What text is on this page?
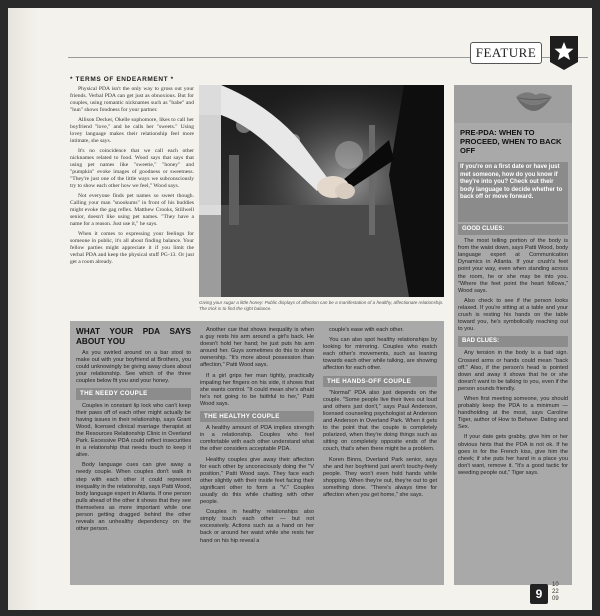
FEATURE

* TERMS OF ENDEARMENT *

Physical PDA isn't the only way to gross out your friends. Verbal PDA can get just as obnoxious. But for couples, using romantic nicknames such as "babe" and "hun" shows fondness for your partner.

Allison Decker, Okelle sophomore, likes to call her boyfriend "love," and he calls her "sweets." Using lovey language makes their relationship feel more intimate, she says.

It's no coincidence that we call each other nicknames related to food. Wood says that says that using pet names like "sweetie," "honey" and "pumpkin" evoke images of goodness or sweetness. "They're just one of the little ways we subconsciously try to show each other how we feel," Wood says.

Not everyone finds pet names so sweet though. Calling your man "snookums" in front of his buddies might evoke the gag reflex. Matthew Crooks, Stillwell senior, doesn't like using pet names. "They have a name for a reason. Just use it," he says.

When it comes to expressing your feelings for someone in public, it's all about finding balance. Your fellow parties might appreciate it if you limit the verbal PDA and keep the physical stuff PG-13. Or just get a room already.

Giving your sugar a little honey: Public displays of affection can be a manifestation of a healthy, affectionate relationship. The trick is to find the right balance.
WHAT YOUR PDA SAYS ABOUT YOU

As you swirled around on a bar stool to make out with your boyfriend at Brothers, you could unknowingly be giving away clues about your relationship. See which of the three couples below fit you and your honey.

THE NEEDY COUPLE

Couples in constant lip lock who can't keep their paws off of each other might actually be having issues in their relationship, says Grant Wood, licensed clinical marriage therapist at the Resources Relationship Clinic in Overland Park. Excessive PDA could reflect insecurities in a relationship that needs touch to keep it alive.

Body language cues can give away a needy couple. When couples don't walk in step with each other it could represent inequality in the relationship, says Patti Wood, body language expert in Atlanta. If one person pulls ahead of the other it shows that they see themselves as more important while one person getting dragged behind the other reveals an unhealthy dependency on the other person.

Another cue that shows inequality is when a guy rests his arm around a girl's back. He doesn't hold her hand; he just puts his arm around her. Guys sometimes do this to show ownership. "It's more about possession than affection," Patti Wood says.

If a girl grips her man tightly, practically impaling her fingers on his side, it shows that she wants control. "It could mean she's afraid he's not going to be faithful to her," Patti Wood says.

THE HEALTHY COUPLE

A healthy amount of PDA implies strength in a relationship. Couples who feel comfortable with each other understand what the other considers acceptable PDA.

Healthy couples give away their affection for each other by unconsciously doing the "V position," Patti Wood says. They face each other slightly with their inside feet facing their significant other to form a "V." Couples usually do this while chatting with other people.

Couples in healthy relationships also simply touch each other — but not excessively. Actions such as a hand on her back or around her waist while she rests her hand on his hip reveal a

couple's ease with each other.

You can also spot healthy relationships by looking for mirroring. Couples who match each other's movements, such as leaning towards each other while talking, are showing affection for each other.

THE HANDS-OFF COUPLE

"Normal" PDA also just depends on the couple. "Some people live their lives out loud and others just don't," says Paul Anderson, licensed counseling psychologist at Anderson and Anderson in Overland Park. When it gets to the point that the couple is completely polarized, when they're doing things such as sitting on completely opposite ends of the couch, that's when there might be a problem.

Koren Binns, Overland Park senior, says she and her boyfriend just aren't touchy-feely people. They won't even hold hands while shopping. When they're out, they're out to get something done. "There's always time for affection when you get home," she says.

PRE-PDA: WHEN TO PROCEED, WHEN TO BACK OFF
If you're on a first date or have just met someone, how do you know if they're into you? Check out their body language to decide whether to back off or move forward.

GOOD CLUES:

The most telling portion of the body is from the waist down, says Patti Wood, body language expert at Communication Dynamics in Atlanta. If your crush's feet point your way, even when standing across the room, he or she may be into you. "Where the feet point the heart follows," Wood says.

Also check to see if the person looks relaxed. If you're sitting at a table and your crush is resting his hands on the table toward you, he's symbolically reaching out to you.

BAD CLUES:

Any tension in the body is a bad sign. Crossed arms or hands could mean "back off." Also, if the person's head is pointed down and away it shows that he or she doesn't want to be talking to you, even if the person sounds friendly.

When first meeting someone, you should probably keep the PDA to a minimum — handholding at the most, says Caroline Tiger, author of How to Behave: Dating and Sex.

If your date gets grabby, give him or her obvious hints that the PDA is not ok. If he goes in for the French kiss, give him the cheek; if she puts her hand in a place you don't want, remove it. "It's a good tactic for weeding people out," Tiger says.

9
10
22
09
